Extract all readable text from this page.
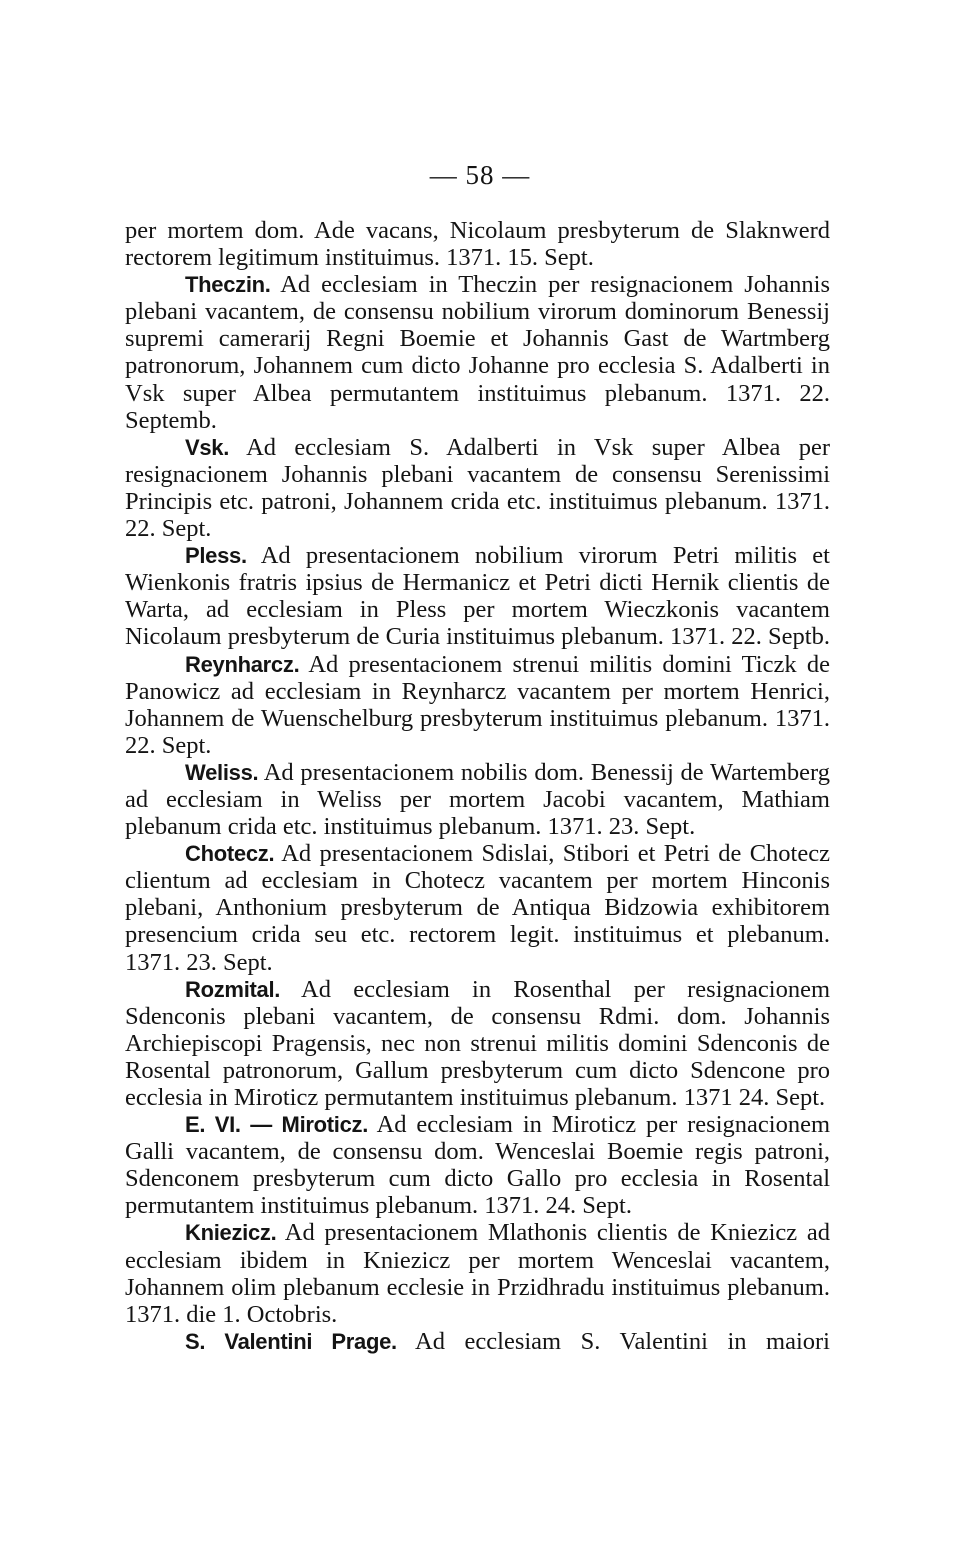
— 58 —

per mortem dom. Ade vacans, Nicolaum presbyterum de Slaknwerd rectorem legitimum instituimus. 1371. 15. Sept.

Theczin. Ad ecclesiam in Theczin per resignacionem Johannis plebani vacantem, de consensu nobilium virorum dominorum Benessij supremi camerarij Regni Boemie et Johannis Gast de Wartmberg patronorum, Johannem cum dicto Johanne pro ecclesia S. Adalberti in Vsk super Albea permutantem instituimus plebanum. 1371. 22. Septemb.

Vsk. Ad ecclesiam S. Adalberti in Vsk super Albea per resignacionem Johannis plebani vacantem de consensu Serenissimi Principis etc. patroni, Johannem crida etc. instituimus plebanum. 1371. 22. Sept.

Pless. Ad presentacionem nobilium virorum Petri militis et Wienkonis fratris ipsius de Hermanicz et Petri dicti Hernik clientis de Warta, ad ecclesiam in Pless per mortem Wieczkonis vacantem Nicolaum presbyterum de Curia instituimus plebanum. 1371. 22. Septb.

Reynharcz. Ad presentacionem strenui militis domini Ticzk de Panowicz ad ecclesiam in Reynharcz vacantem per mortem Henrici, Johannem de Wuenschelburg presbyterum instituimus plebanum. 1371. 22. Sept.

Weliss. Ad presentacionem nobilis dom. Benessij de Wartemberg ad ecclesiam in Weliss per mortem Jacobi vacantem, Mathiam plebanum crida etc. instituimus plebanum. 1371. 23. Sept.

Chotecz. Ad presentacionem Sdislai, Stibori et Petri de Chotecz clientum ad ecclesiam in Chotecz vacantem per mortem Hinconis plebani, Anthonium presbyterum de Antiqua Bidzowia exhibitorem presencium crida seu etc. rectorem legit. instituimus et plebanum. 1371. 23. Sept.

Rozmital. Ad ecclesiam in Rosenthal per resignacionem Sdenconis plebani vacantem, de consensu Rdmi. dom. Johannis Archiepiscopi Pragensis, nec non strenui militis domini Sdenconis de Rosental patronorum, Gallum presbyterum cum dicto Sdencone pro ecclesia in Miroticz permutantem instituimus plebanum. 1371 24. Sept.

E. VI. — Miroticz. Ad ecclesiam in Miroticz per resignacionem Galli vacantem, de consensu dom. Wenceslai Boemie regis patroni, Sdenconem presbyterum cum dicto Gallo pro ecclesia in Rosental permutantem instituimus plebanum. 1371. 24. Sept.

Kniezicz. Ad presentacionem Mlathonis clientis de Kniezicz ad ecclesiam ibidem in Kniezicz per mortem Wenceslai vacantem, Johannem olim plebanum ecclesie in Przidhradu instituimus plebanum. 1371. die 1. Octobris.

S. Valentini Prage. Ad ecclesiam S. Valentini in maiori
